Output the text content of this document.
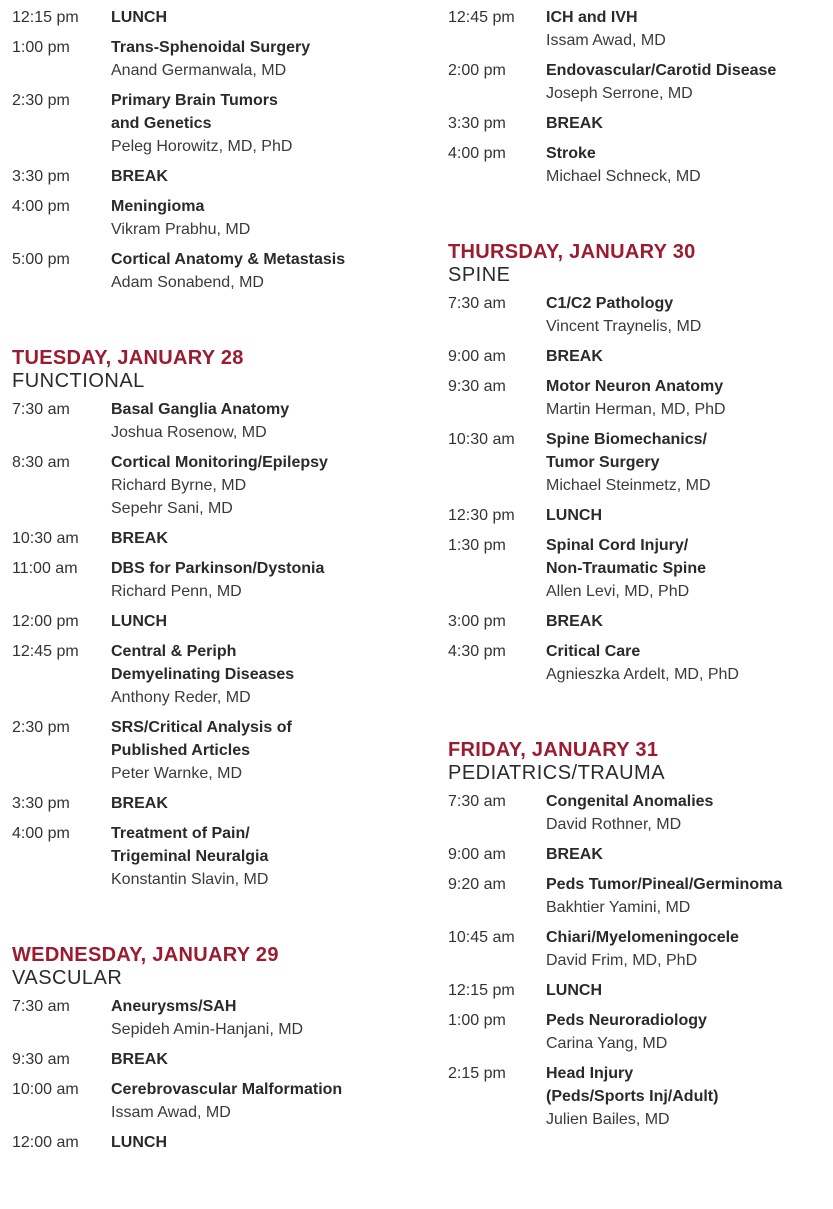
12:15 pm	LUNCH
1:00 pm	Trans-Sphenoidal Surgery
Anand Germanwala, MD
2:30 pm	Primary Brain Tumors
and Genetics
Peleg Horowitz, MD, PhD
3:30 pm	BREAK
4:00 pm	Meningioma
Vikram Prabhu, MD
5:00 pm	Cortical Anatomy & Metastasis
Adam Sonabend, MD
TUESDAY, JANUARY 28
FUNCTIONAL
7:30 am	Basal Ganglia Anatomy
Joshua Rosenow, MD
8:30 am	Cortical Monitoring/Epilepsy
Richard Byrne, MD
Sepehr Sani, MD
10:30 am	BREAK
11:00 am	DBS for Parkinson/Dystonia
Richard Penn, MD
12:00 pm	LUNCH
12:45 pm	Central & Periph
Demyelinating Diseases
Anthony Reder, MD
2:30 pm	SRS/Critical Analysis of
Published Articles
Peter Warnke, MD
3:30 pm	BREAK
4:00 pm	Treatment of Pain/
Trigeminal Neuralgia
Konstantin Slavin, MD
WEDNESDAY, JANUARY 29
VASCULAR
7:30 am	Aneurysms/SAH
Sepideh Amin-Hanjani, MD
9:30 am	BREAK
10:00 am	Cerebrovascular Malformation
Issam Awad, MD
12:00 am	LUNCH
12:45 pm	ICH and IVH
Issam Awad, MD
2:00 pm	Endovascular/Carotid Disease
Joseph Serrone, MD
3:30 pm	BREAK
4:00 pm	Stroke
Michael Schneck, MD
THURSDAY, JANUARY 30
SPINE
7:30 am	C1/C2 Pathology
Vincent Traynelis, MD
9:00 am	BREAK
9:30 am	Motor Neuron Anatomy
Martin Herman, MD, PhD
10:30 am	Spine Biomechanics/
Tumor Surgery
Michael Steinmetz, MD
12:30 pm	LUNCH
1:30 pm	Spinal Cord Injury/
Non-Traumatic Spine
Allen Levi, MD, PhD
3:00 pm	BREAK
4:30 pm	Critical Care
Agnieszka Ardelt, MD, PhD
FRIDAY, JANUARY 31
PEDIATRICS/TRAUMA
7:30 am	Congenital Anomalies
David Rothner, MD
9:00 am	BREAK
9:20 am	Peds Tumor/Pineal/Germinoma
Bakhtier Yamini, MD
10:45 am	Chiari/Myelomeningocele
David Frim, MD, PhD
12:15 pm	LUNCH
1:00 pm	Peds Neuroradiology
Carina Yang, MD
2:15 pm	Head Injury
(Peds/Sports Inj/Adult)
Julien Bailes, MD
